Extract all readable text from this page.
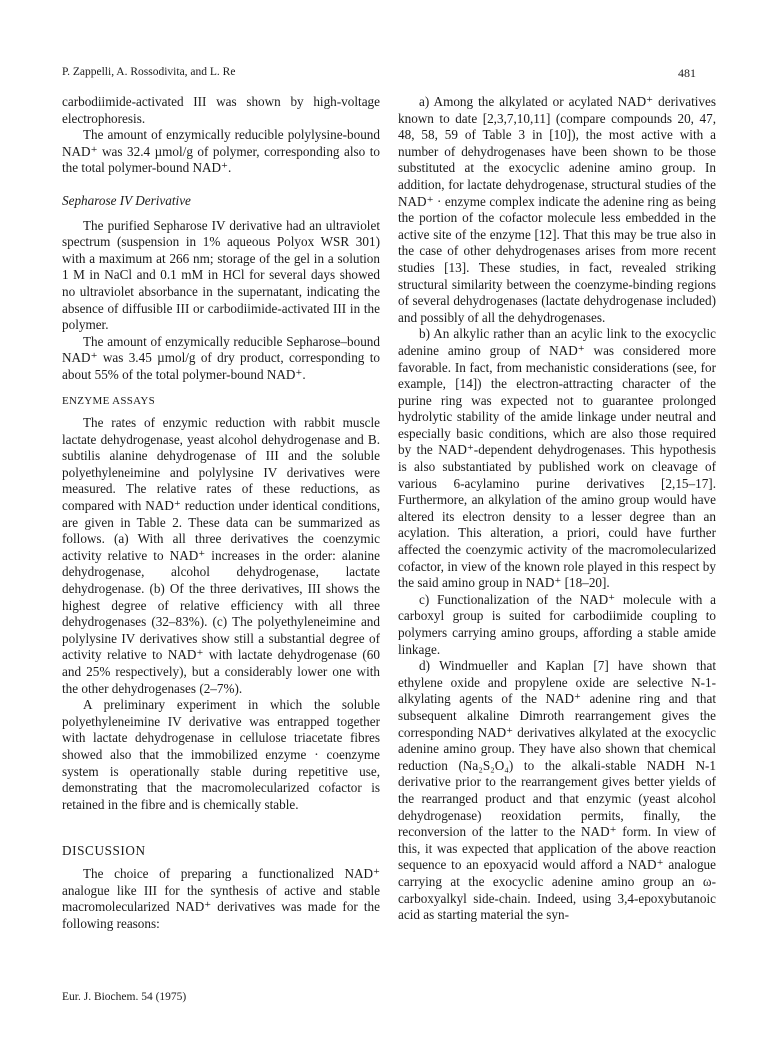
P. Zappelli, A. Rossodivita, and L. Re	481

carbodiimide-activated III was shown by high-voltage electrophoresis.

The amount of enzymically reducible polylysine-bound NAD⁺ was 32.4 µmol/g of polymer, corresponding also to the total polymer-bound NAD⁺.

Sepharose IV Derivative

The purified Sepharose IV derivative had an ultraviolet spectrum (suspension in 1% aqueous Polyox WSR 301) with a maximum at 266 nm; storage of the gel in a solution 1 M in NaCl and 0.1 mM in HCl for several days showed no ultraviolet absorbance in the supernatant, indicating the absence of diffusible III or carbodiimide-activated III in the polymer.

The amount of enzymically reducible Sepharose–bound NAD⁺ was 3.45 µmol/g of dry product, corresponding to about 55% of the total polymer-bound NAD⁺.

ENZYME ASSAYS

The rates of enzymic reduction with rabbit muscle lactate dehydrogenase, yeast alcohol dehydrogenase and B. subtilis alanine dehydrogenase of III and the soluble polyethyleneimine and polylysine IV derivatives were measured. The relative rates of these reductions, as compared with NAD⁺ reduction under identical conditions, are given in Table 2. These data can be summarized as follows. (a) With all three derivatives the coenzymic activity relative to NAD⁺ increases in the order: alanine dehydrogenase, alcohol dehydrogenase, lactate dehydrogenase. (b) Of the three derivatives, III shows the highest degree of relative efficiency with all three dehydrogenases (32–83%). (c) The polyethyleneimine and polylysine IV derivatives show still a substantial degree of activity relative to NAD⁺ with lactate dehydrogenase (60 and 25% respectively), but a considerably lower one with the other dehydrogenases (2–7%).

A preliminary experiment in which the soluble polyethyleneimine IV derivative was entrapped together with lactate dehydrogenase in cellulose triacetate fibres showed also that the immobilized enzyme · coenzyme system is operationally stable during repetitive use, demonstrating that the macromolecularized cofactor is retained in the fibre and is chemically stable.

DISCUSSION

The choice of preparing a functionalized NAD⁺ analogue like III for the synthesis of active and stable macromolecularized NAD⁺ derivatives was made for the following reasons:

a) Among the alkylated or acylated NAD⁺ derivatives known to date [2,3,7,10,11] (compare compounds 20, 47, 48, 58, 59 of Table 3 in [10]), the most active with a number of dehydrogenases have been shown to be those substituted at the exocyclic adenine amino group. In addition, for lactate dehydrogenase, structural studies of the NAD⁺ · enzyme complex indicate the adenine ring as being the portion of the cofactor molecule less embedded in the active site of the enzyme [12]. That this may be true also in the case of other dehydrogenases arises from more recent studies [13]. These studies, in fact, revealed striking structural similarity between the coenzyme-binding regions of several dehydrogenases (lactate dehydrogenase included) and possibly of all the dehydrogenases.

b) An alkylic rather than an acylic link to the exocyclic adenine amino group of NAD⁺ was considered more favorable. In fact, from mechanistic considerations (see, for example, [14]) the electron-attracting character of the purine ring was expected not to guarantee prolonged hydrolytic stability of the amide linkage under neutral and especially basic conditions, which are also those required by the NAD⁺-dependent dehydrogenases. This hypothesis is also substantiated by published work on cleavage of various 6-acylamino purine derivatives [2,15–17]. Furthermore, an alkylation of the amino group would have altered its electron density to a lesser degree than an acylation. This alteration, a priori, could have further affected the coenzymic activity of the macromolecularized cofactor, in view of the known role played in this respect by the said amino group in NAD⁺ [18–20].

c) Functionalization of the NAD⁺ molecule with a carboxyl group is suited for carbodiimide coupling to polymers carrying amino groups, affording a stable amide linkage.

d) Windmueller and Kaplan [7] have shown that ethylene oxide and propylene oxide are selective N-1-alkylating agents of the NAD⁺ adenine ring and that subsequent alkaline Dimroth rearrangement gives the corresponding NAD⁺ derivatives alkylated at the exocyclic adenine amino group. They have also shown that chemical reduction (Na₂S₂O₄) to the alkali-stable NADH N-1 derivative prior to the rearrangement gives better yields of the rearranged product and that enzymic (yeast alcohol dehydrogenase) reoxidation permits, finally, the reconversion of the latter to the NAD⁺ form. In view of this, it was expected that application of the above reaction sequence to an epoxyacid would afford a NAD⁺ analogue carrying at the exocyclic adenine amino group an ω-carboxyalkyl side-chain. Indeed, using 3,4-epoxybutanoic acid as starting material the syn-

Eur. J. Biochem. 54 (1975)
